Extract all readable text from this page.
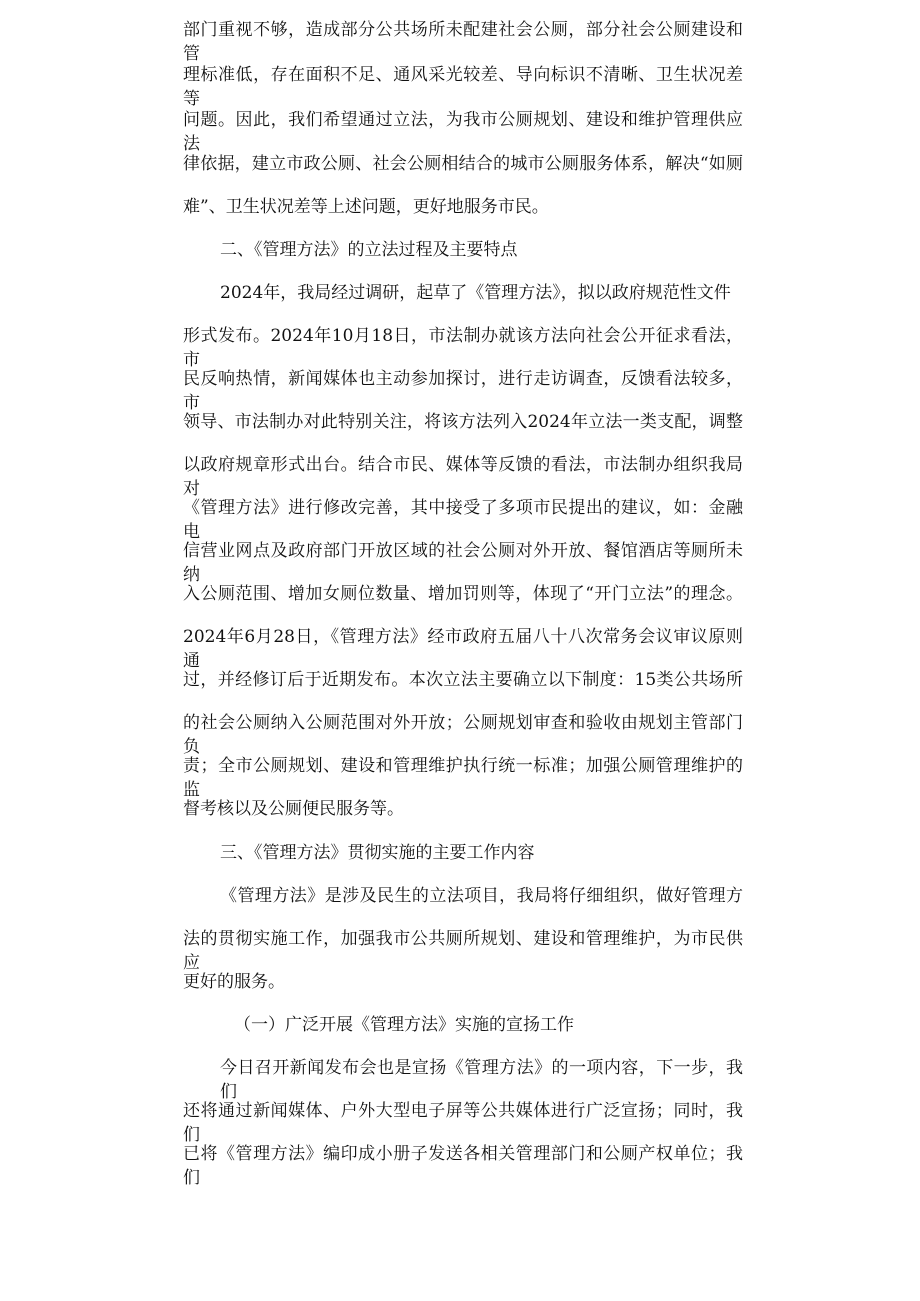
部门重视不够，造成部分公共场所未配建社会公厕，部分社会公厕建设和管
理标准低，存在面积不足、通风采光较差、导向标识不清晰、卫生状况差等
问题。因此，我们希望通过立法，为我市公厕规划、建设和维护管理供应法
律依据，建立市政公厕、社会公厕相结合的城市公厕服务体系，解决“如厕
难”、卫生状况差等上述问题，更好地服务市民。
二、《管理方法》的立法过程及主要特点
2024年，我局经过调研，起草了《管理方法》，拟以政府规范性文件
形式发布。2024年10月18日，市法制办就该方法向社会公开征求看法，市
民反响热情，新闻媒体也主动参加探讨，进行走访调查，反馈看法较多，市
领导、市法制办对此特别关注，将该方法列入2024年立法一类支配，调整
以政府规章形式出台。结合市民、媒体等反馈的看法，市法制办组织我局对
《管理方法》进行修改完善，其中接受了多项市民提出的建议，如：金融电
信营业网点及政府部门开放区域的社会公厕对外开放、餐馆酒店等厕所未纳
入公厕范围、增加女厕位数量、增加罚则等，体现了“开门立法”的理念。
2024年6月28日，《管理方法》经市政府五届八十八次常务会议审议原则通
过，并经修订后于近期发布。本次立法主要确立以下制度：15类公共场所
的社会公厕纳入公厕范围对外开放；公厕规划审查和验收由规划主管部门负
责；全市公厕规划、建设和管理维护执行统一标准；加强公厕管理维护的监
督考核以及公厕便民服务等。
三、《管理方法》贯彻实施的主要工作内容
《管理方法》是涉及民生的立法项目，我局将仔细组织，做好管理方
法的贯彻实施工作，加强我市公共厕所规划、建设和管理维护，为市民供应
更好的服务。
（一）广泛开展《管理方法》实施的宣扬工作
今日召开新闻发布会也是宣扬《管理方法》的一项内容，下一步，我们
还将通过新闻媒体、户外大型电子屏等公共媒体进行广泛宣扬；同时，我们
已将《管理方法》编印成小册子发送各相关管理部门和公厕产权单位；我们
